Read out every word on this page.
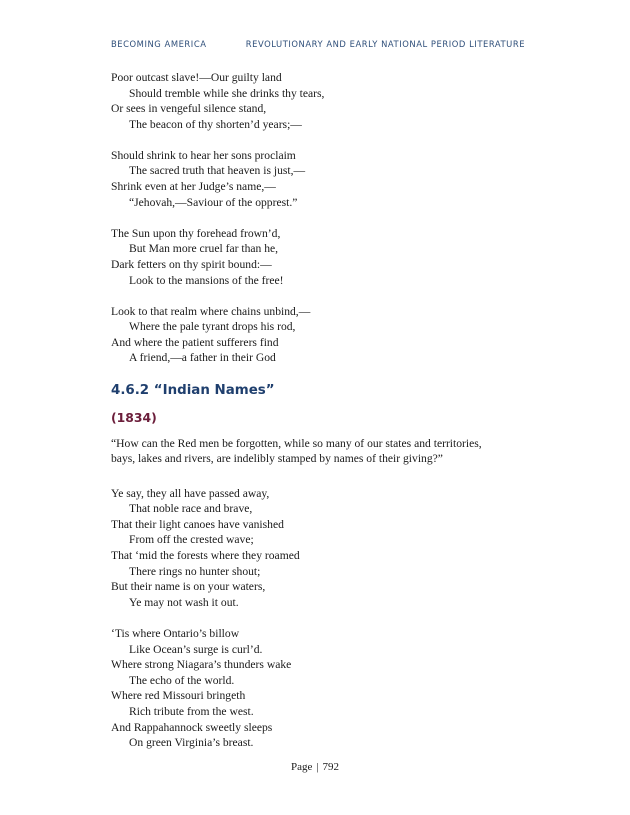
BECOMING AMERICA	REVOLUTIONARY AND EARLY NATIONAL PERIOD LITERATURE
Poor outcast slave!—Our guilty land
Should tremble while she drinks thy tears,
Or sees in vengeful silence stand,
The beacon of thy shorten’d years;—
Should shrink to hear her sons proclaim
The sacred truth that heaven is just,—
Shrink even at her Judge’s name,—
“Jehovah,—Saviour of the opprest.”
The Sun upon thy forehead frown’d,
But Man more cruel far than he,
Dark fetters on thy spirit bound:—
Look to the mansions of the free!
Look to that realm where chains unbind,—
Where the pale tyrant drops his rod,
And where the patient sufferers find
A friend,—a father in their God
4.6.2 “Indian Names”
(1834)
“How can the Red men be forgotten, while so many of our states and territories,
bays, lakes and rivers, are indelibly stamped by names of their giving?”
Ye say, they all have passed away,
That noble race and brave,
That their light canoes have vanished
From off the crested wave;
That ‘mid the forests where they roamed
There rings no hunter shout;
But their name is on your waters,
Ye may not wash it out.
‘Tis where Ontario’s billow
Like Ocean’s surge is curl’d.
Where strong Niagara’s thunders wake
The echo of the world.
Where red Missouri bringeth
Rich tribute from the west.
And Rappahannock sweetly sleeps
On green Virginia’s breast.
Page | 792
